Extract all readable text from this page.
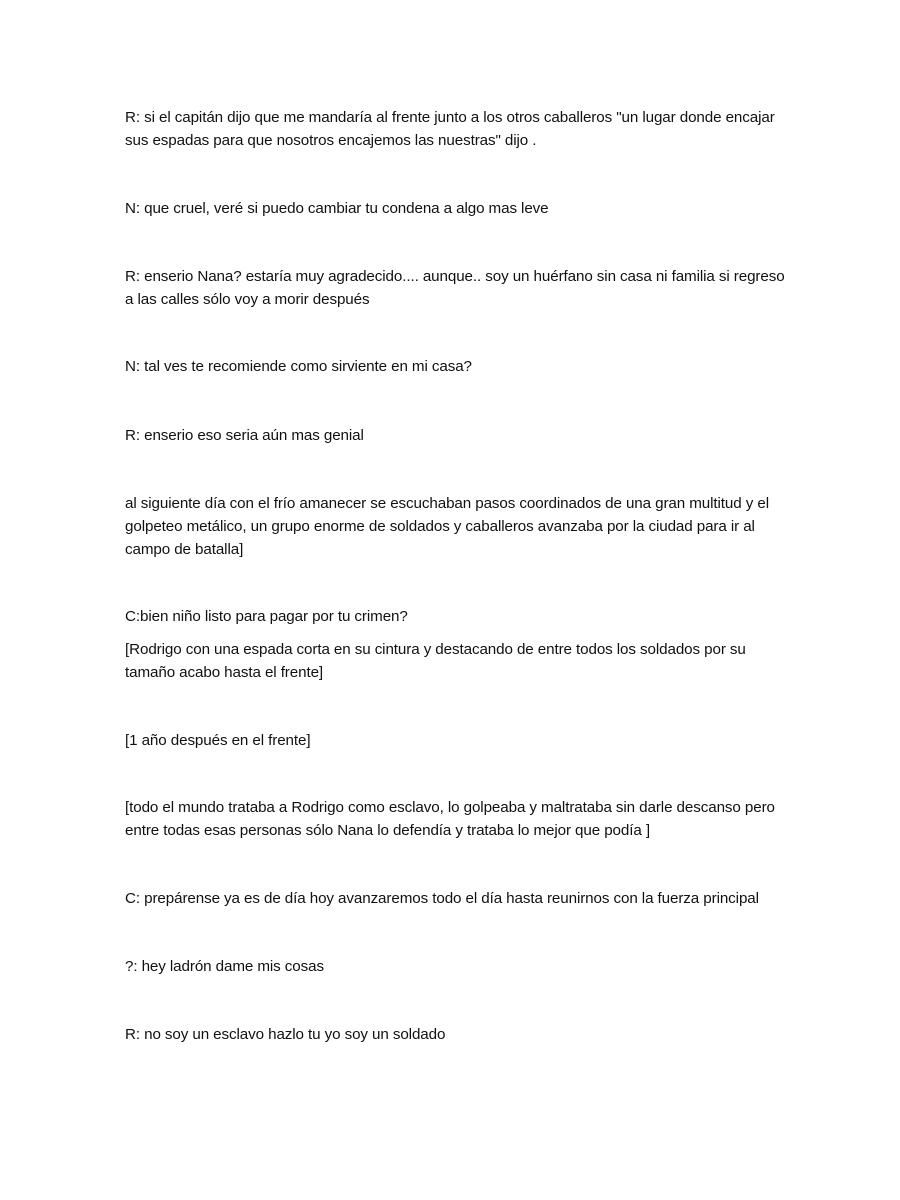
R: si el capitán dijo que me mandaría al frente junto a los otros caballeros "un lugar donde encajar sus espadas para que nosotros encajemos las nuestras" dijo .

N: que cruel, veré si puedo cambiar tu condena a algo mas leve

R: enserio Nana? estaría muy agradecido.... aunque.. soy un huérfano sin casa ni familia si regreso a las calles sólo voy a morir después

N: tal ves te recomiende como sirviente en mi casa?

R: enserio eso seria aún mas genial

al siguiente día con el frío amanecer se escuchaban pasos coordinados de una gran multitud y el golpeteo metálico, un grupo enorme de soldados y caballeros avanzaba por la ciudad para ir al campo de batalla]

C:bien niño listo para pagar por tu crimen?

[Rodrigo con una espada corta en su cintura y destacando de entre todos los soldados por su tamaño acabo hasta el frente]

[1 año después en el frente]

[todo el mundo trataba a Rodrigo como esclavo, lo golpeaba y maltrataba sin darle descanso pero entre todas esas personas sólo Nana lo defendía y trataba lo mejor que podía ]

C: prepárense ya es de día hoy avanzaremos todo el día hasta reunirnos con la fuerza principal

?: hey ladrón dame mis cosas

R: no soy un esclavo hazlo tu yo soy un soldado
